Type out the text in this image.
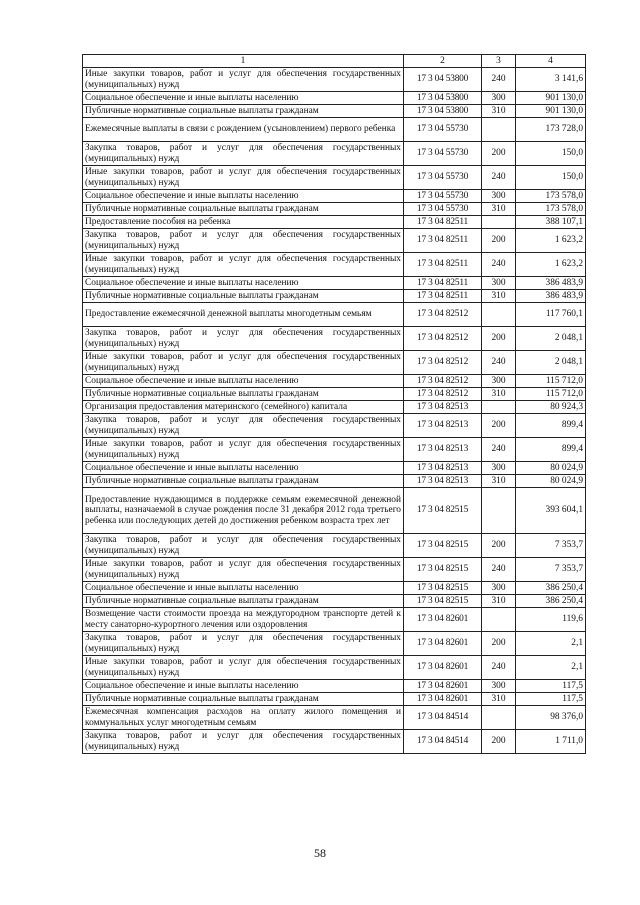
1	2	3	4
Иные закупки товаров, работ и услуг для обеспечения государственных (муниципальных) нужд	17 3 04 53800	240	3 141,6
Социальное обеспечение и иные выплаты населению	17 3 04 53800	300	901 130,0
Публичные нормативные социальные выплаты гражданам	17 3 04 53800	310	901 130,0
Ежемесячные выплаты в связи с рождением (усыновлением) первого ребенка	17 3 04 55730		173 728,0
Закупка товаров, работ и услуг для обеспечения государственных (муниципальных) нужд	17 3 04 55730	200	150,0
Иные закупки товаров, работ и услуг для обеспечения государственных (муниципальных) нужд	17 3 04 55730	240	150,0
Социальное обеспечение и иные выплаты населению	17 3 04 55730	300	173 578,0
Публичные нормативные социальные выплаты гражданам	17 3 04 55730	310	173 578,0
Предоставление пособия на ребенка	17 3 04 82511		388 107,1
Закупка товаров, работ и услуг для обеспечения государственных (муниципальных) нужд	17 3 04 82511	200	1 623,2
Иные закупки товаров, работ и услуг для обеспечения государственных (муниципальных) нужд	17 3 04 82511	240	1 623,2
Социальное обеспечение и иные выплаты населению	17 3 04 82511	300	386 483,9
Публичные нормативные социальные выплаты гражданам	17 3 04 82511	310	386 483,9
Предоставление ежемесячной денежной выплаты многодетным семьям	17 3 04 82512		117 760,1
Закупка товаров, работ и услуг для обеспечения государственных (муниципальных) нужд	17 3 04 82512	200	2 048,1
Иные закупки товаров, работ и услуг для обеспечения государственных (муниципальных) нужд	17 3 04 82512	240	2 048,1
Социальное обеспечение и иные выплаты населению	17 3 04 82512	300	115 712,0
Публичные нормативные социальные выплаты гражданам	17 3 04 82512	310	115 712,0
Организация предоставления материнского (семейного) капитала	17 3 04 82513		80 924,3
Закупка товаров, работ и услуг для обеспечения государственных (муниципальных) нужд	17 3 04 82513	200	899,4
Иные закупки товаров, работ и услуг для обеспечения государственных (муниципальных) нужд	17 3 04 82513	240	899,4
Социальное обеспечение и иные выплаты населению	17 3 04 82513	300	80 024,9
Публичные нормативные социальные выплаты гражданам	17 3 04 82513	310	80 024,9
Предоставление нуждающимся в поддержке семьям ежемесячной денежной выплаты, назначаемой в случае рождения после 31 декабря 2012 года третьего ребенка или последующих детей до достижения ребенком возраста трех лет	17 3 04 82515		393 604,1
Закупка товаров, работ и услуг для обеспечения государственных (муниципальных) нужд	17 3 04 82515	200	7 353,7
Иные закупки товаров, работ и услуг для обеспечения государственных (муниципальных) нужд	17 3 04 82515	240	7 353,7
Социальное обеспечение и иные выплаты населению	17 3 04 82515	300	386 250,4
Публичные нормативные социальные выплаты гражданам	17 3 04 82515	310	386 250,4
Возмещение части стоимости проезда на междугородном транспорте детей к месту санаторно-курортного лечения или оздоровления	17 3 04 82601		119,6
Закупка товаров, работ и услуг для обеспечения государственных (муниципальных) нужд	17 3 04 82601	200	2,1
Иные закупки товаров, работ и услуг для обеспечения государственных (муниципальных) нужд	17 3 04 82601	240	2,1
Социальное обеспечение и иные выплаты населению	17 3 04 82601	300	117,5
Публичные нормативные социальные выплаты гражданам	17 3 04 82601	310	117,5
Ежемесячная компенсация расходов на оплату жилого помещения и коммунальных услуг многодетным семьям	17 3 04 84514		98 376,0
Закупка товаров, работ и услуг для обеспечения государственных (муниципальных) нужд	17 3 04 84514	200	1 711,0
58
